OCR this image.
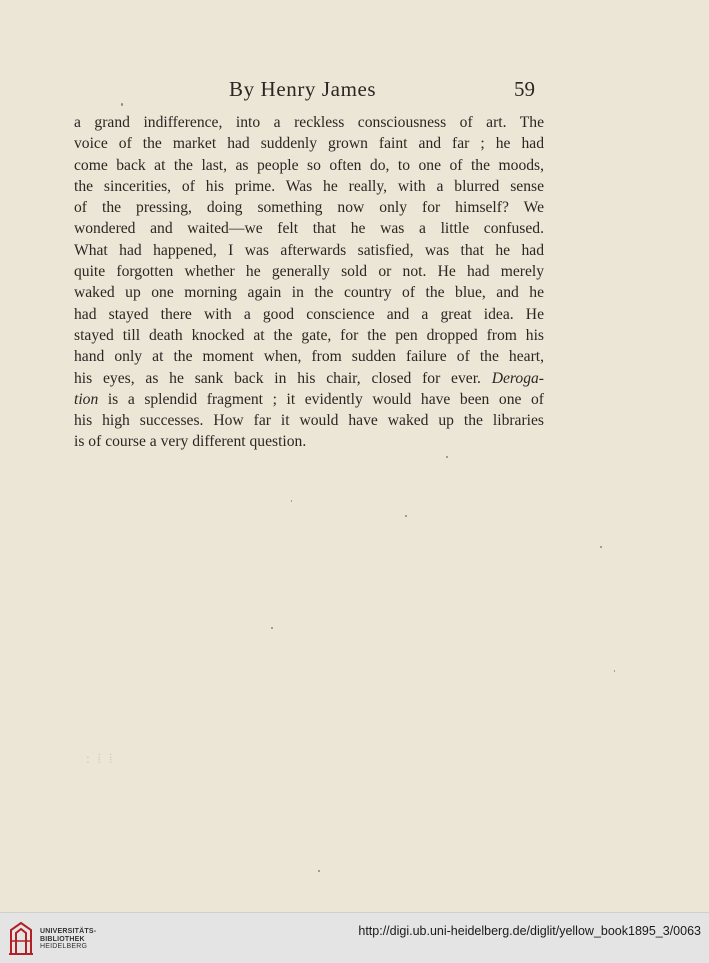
By Henry James	59
a grand indifference, into a reckless consciousness of art. The
voice of the market had suddenly grown faint and far ; he had
come back at the last, as people so often do, to one of the moods,
the sincerities, of his prime. Was he really, with a blurred sense
of the pressing, doing something now only for himself? We
wondered and waited—we felt that he was a little confused.
What had happened, I was afterwards satisfied, was that he had
quite forgotten whether he generally sold or not. He had merely
waked up one morning again in the country of the blue, and he
had stayed there with a good conscience and a great idea. He
stayed till death knocked at the gate, for the pen dropped from his
hand only at the moment when, from sudden failure of the heart,
his eyes, as he sank back in his chair, closed for ever. Deroga-
tion is a splendid fragment ; it evidently would have been one of
his high successes. How far it would have waked up the libraries
is of course a very different question.
: ⁞ ⁞
UNIVERSITÄTS-
BIBLIOTHEK
HEIDELBERG
http://digi.ub.uni-heidelberg.de/diglit/yellow_book1895_3/0063
